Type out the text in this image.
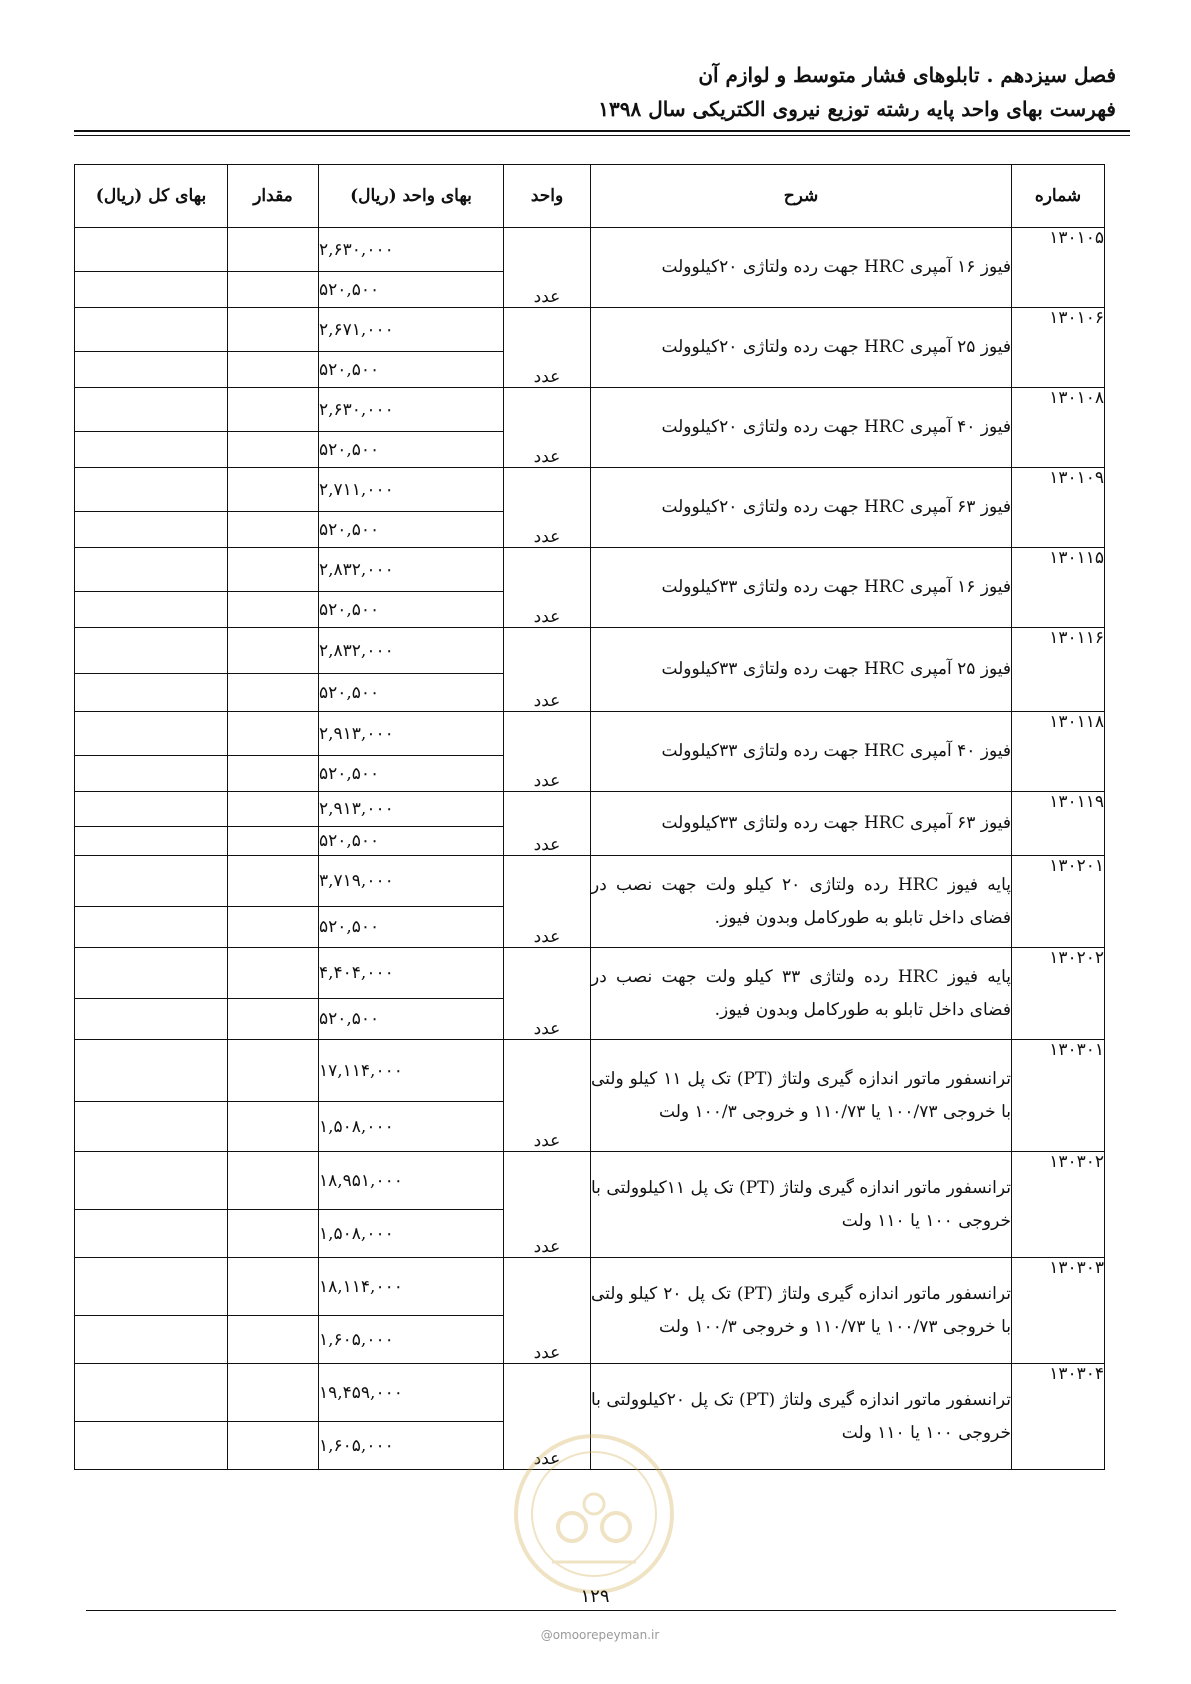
فصل سیزدهم . تابلوهای فشار متوسط و لوازم آن
فهرست بهای واحد پایه رشته توزیع نیروی الکتریکی سال ۱۳۹۸
شماره	شرح	واحد	بهای واحد (ریال)	مقدار	بهای کل (ریال)
۱۳۰۱۰۵	فیوز ۱۶ آمپری HRC جهت رده ولتاژی ۲۰کیلوولت	عدد	۲,۶۳۰,۰۰۰		
			۵۲۰,۵۰۰		
۱۳۰۱۰۶	فیوز ۲۵ آمپری HRC جهت رده ولتاژی ۲۰کیلوولت	عدد	۲,۶۷۱,۰۰۰		
			۵۲۰,۵۰۰		
۱۳۰۱۰۸	فیوز ۴۰ آمپری HRC جهت رده ولتاژی ۲۰کیلوولت	عدد	۲,۶۳۰,۰۰۰		
			۵۲۰,۵۰۰		
۱۳۰۱۰۹	فیوز ۶۳ آمپری HRC جهت رده ولتاژی ۲۰کیلوولت	عدد	۲,۷۱۱,۰۰۰		
			۵۲۰,۵۰۰		
۱۳۰۱۱۵	فیوز ۱۶ آمپری HRC جهت رده ولتاژی ۳۳کیلوولت	عدد	۲,۸۳۲,۰۰۰		
			۵۲۰,۵۰۰		
۱۳۰۱۱۶	فیوز ۲۵ آمپری HRC جهت رده ولتاژی ۳۳کیلوولت	عدد	۲,۸۳۲,۰۰۰		
			۵۲۰,۵۰۰		
۱۳۰۱۱۸	فیوز ۴۰ آمپری HRC جهت رده ولتاژی ۳۳کیلوولت	عدد	۲,۹۱۳,۰۰۰		
			۵۲۰,۵۰۰		
۱۳۰۱۱۹	فیوز ۶۳ آمپری HRC جهت رده ولتاژی ۳۳کیلوولت	عدد	۲,۹۱۳,۰۰۰		
			۵۲۰,۵۰۰		
۱۳۰۲۰۱	پایه فیوز HRC رده ولتاژی ۲۰ کیلو ولت جهت نصب در فضای داخل تابلو به طورکامل وبدون فیوز.	عدد	۳,۷۱۹,۰۰۰		
			۵۲۰,۵۰۰		
۱۳۰۲۰۲	پایه فیوز HRC رده ولتاژی ۳۳ کیلو ولت جهت نصب در فضای داخل تابلو به طورکامل وبدون فیوز.	عدد	۴,۴۰۴,۰۰۰		
			۵۲۰,۵۰۰		
۱۳۰۳۰۱	ترانسفور ماتور اندازه گیری ولتاژ (PT) تک پل ۱۱ کیلو ولتی با خروجی ۱۰۰/۷۳ یا ۱۱۰/۷۳ و خروجی ۱۰۰/۳ ولت	عدد	۱۷,۱۱۴,۰۰۰		
			۱,۵۰۸,۰۰۰		
۱۳۰۳۰۲	ترانسفور ماتور اندازه گیری ولتاژ (PT) تک پل ۱۱کیلوولتی با خروجی ۱۰۰ یا ۱۱۰ ولت	عدد	۱۸,۹۵۱,۰۰۰		
			۱,۵۰۸,۰۰۰		
۱۳۰۳۰۳	ترانسفور ماتور اندازه گیری ولتاژ (PT) تک پل ۲۰ کیلو ولتی با خروجی ۱۰۰/۷۳ یا ۱۱۰/۷۳ و خروجی ۱۰۰/۳ ولت	عدد	۱۸,۱۱۴,۰۰۰		
			۱,۶۰۵,۰۰۰		
۱۳۰۳۰۴	ترانسفور ماتور اندازه گیری ولتاژ (PT) تک پل ۲۰کیلوولتی با خروجی ۱۰۰ یا ۱۱۰ ولت	عدد	۱۹,۴۵۹,۰۰۰		
			۱,۶۰۵,۰۰۰		
۱۲۹
@omoorepeyman.ir
